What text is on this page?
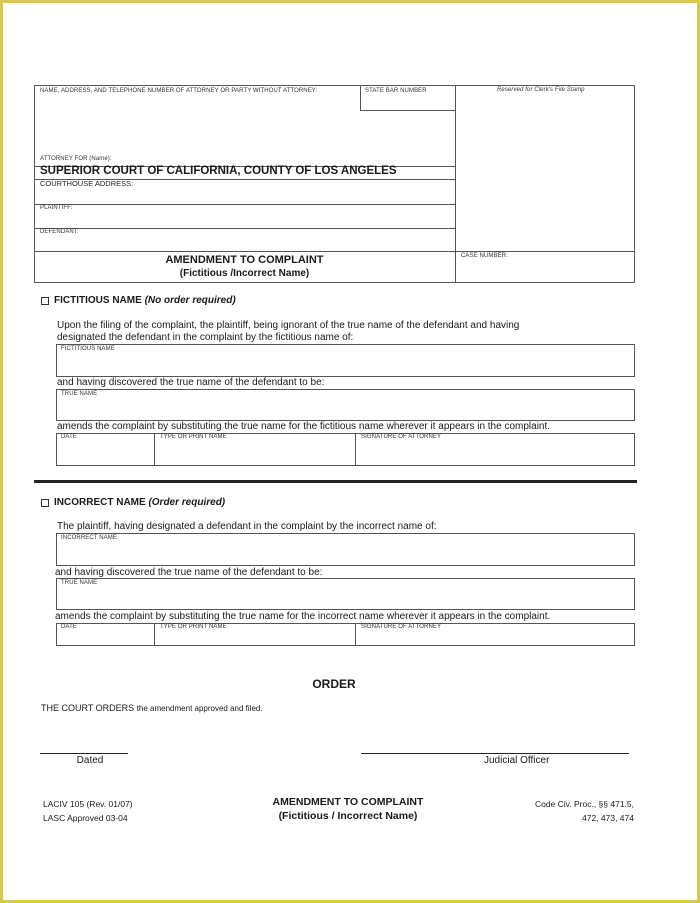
NAME, ADDRESS, AND TELEPHONE NUMBER OF ATTORNEY OR PARTY WITHOUT ATTORNEY:	STATE BAR NUMBER	Reserved for Clerk's File Stamp
ATTORNEY FOR (Name):
SUPERIOR COURT OF CALIFORNIA, COUNTY OF LOS ANGELES
COURTHOUSE ADDRESS:
PLAINTIFF:
DEFENDANT:
AMENDMENT TO COMPLAINT
(Fictitious /Incorrect Name)
CASE NUMBER:
FICTITIOUS NAME (No order required)
Upon the filing of the complaint, the plaintiff, being ignorant of the true name of the defendant and having
designated the defendant in the complaint by the fictitious name of:
FICTITIOUS NAME
and having discovered the true name of the defendant to be:
TRUE NAME
amends the complaint by substituting the true name for the fictitious name wherever it appears in the complaint.
DATE	TYPE OR PRINT NAME	SIGNATURE OF ATTORNEY
INCORRECT NAME (Order required)
The plaintiff, having designated a defendant in the complaint by the incorrect name of:
INCORRECT NAME
and having discovered the true name of the defendant to be:
TRUE NAME
amends the complaint by substituting the true name for the incorrect name wherever it appears in the complaint.
DATE	TYPE OR PRINT NAME	SIGNATURE OF ATTORNEY
ORDER
THE COURT ORDERS the amendment approved and filed.
Dated	Judicial Officer
LACIV 105 (Rev. 01/07)
LASC Approved 03-04
AMENDMENT TO COMPLAINT
(Fictitious / Incorrect Name)
Code Civ. Proc., §§ 471.5,
472, 473, 474
